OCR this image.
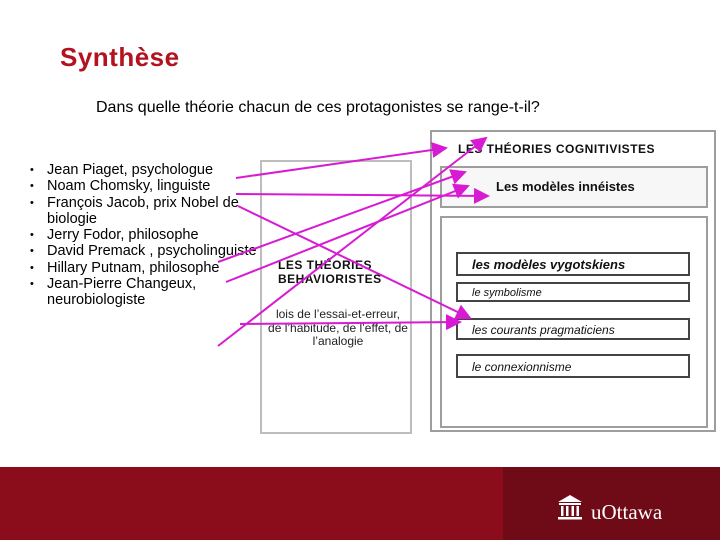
Synthèse
Dans quelle théorie chacun de ces protagonistes se range-t-il?
• Jean Piaget, psychologue
• Noam Chomsky, linguiste
• François Jacob, prix Nobel de biologie
• Jerry Fodor, philosophe
• David Premack , psycholinguiste
• Hillary Putnam, philosophe
• Jean-Pierre Changeux, neurobiologiste
LES THÉORIES BEHAVIORISTES
lois de l’essai-et-erreur, de l’habitude, de l’effet, de l’analogie
LES THÉORIES COGNITIVISTES
Les modèles innéistes
les modèles vygotskiens
le symbolisme
les courants pragmaticiens
le connexionnisme
uOttawa
